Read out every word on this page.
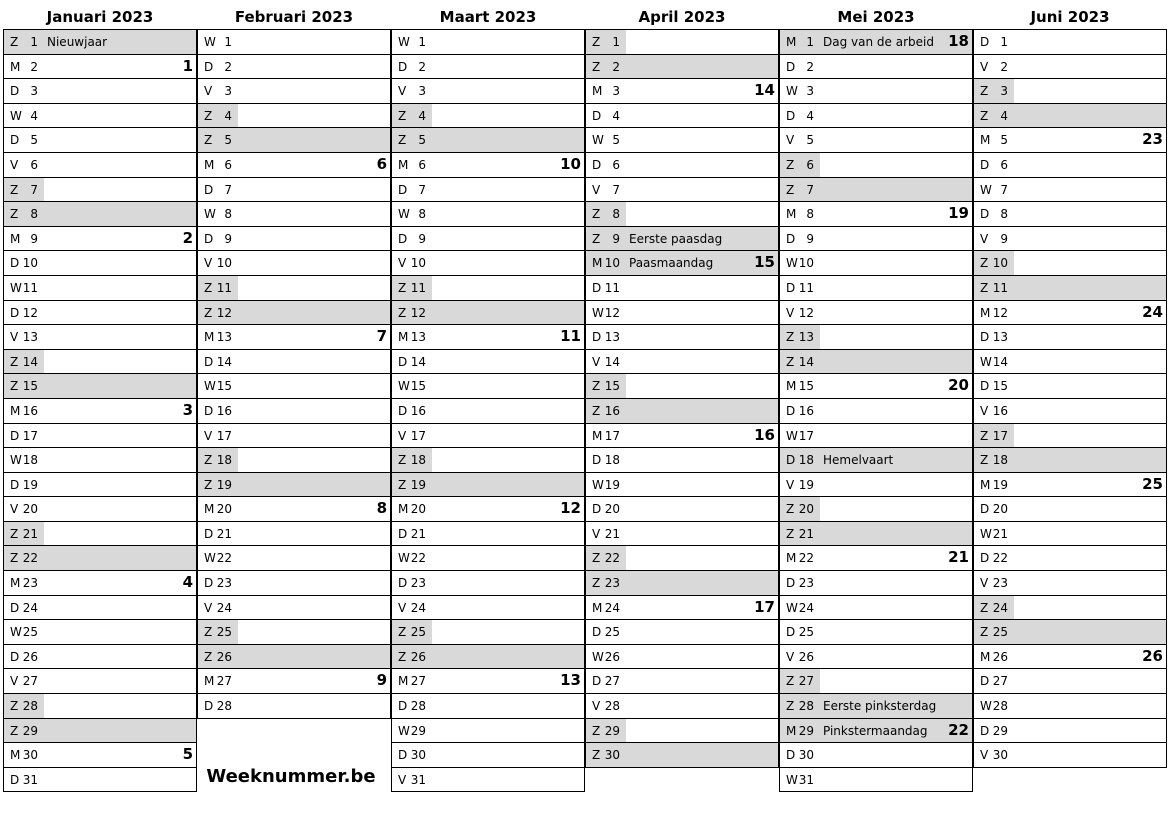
Januari 2023
Z	1 Nieuwjaar
M 2	1
D 3
W 4
D 5
V	6
Z	7
Z	8
M 9	2
D 10
W 11
D 12
V 13
Z 14
Z 15
M 16	3
D 17
W 18
D 19
V 20
Z 21
Z 22
M 23	4
D 24
W 25
D 26
V 27
Z 28
Z 29
M 30	5
D 31
Februari 2023
W 1
D 2
V	3
Z	4
Z	5
M 6	6
D 7
W 8
D 9
V 10
Z 11
Z 12
M 13	7
D 14
W 15
D 16
V 17
Z 18
Z 19
M 20	8
D 21
W 22
D 23
V 24
Z 25
Z 26
M 27	9
D 28
Maart 2023
W 1
D 2
V	3
Z	4
Z	5
M 6	10
D 7
W 8
D 9
V 10
Z 11
Z 12
M 13	11
D 14
W 15
D 16
V 17
Z 18
Z 19
M 20	12
D 21
W 22
D 23
V 24
Z 25
Z 26
M 27	13
D 28
W 29
D 30
V 31
April 2023
Z	1
Z	2
M 3	14
D 4
W 5
D 6
V	7
Z	8
Z	9 Eerste paasdag
M 10 Paasmaandag	15
D 11
W 12
D 13
V 14
Z 15
Z 16
M 17	16
D 18
W 19
D 20
V 21
Z 22
Z 23
M 24	17
D 25
W 26
D 27
V 28
Z 29
Z 30
Mei 2023
M 1 Dag van de arbeid 18
D 2
W 3
D 4
V	5
Z	6
Z	7
M 8	19
D 9
W 10
D 11
V 12
Z 13
Z 14
M 15	20
D 16
W 17
D 18 Hemelvaart
V 19
Z 20
Z 21
M 22	21
D 23
W 24
D 25
V 26
Z 27
Z 28 Eerste pinksterdag
M 29 Pinkstermaandag 22
D 30
W 31
Juni 2023
D 1
V	2
Z	3
Z	4
M 5	23
D 6
W 7
D 8
V	9
Z 10
Z 11
M 12	24
D 13
W 14
D 15
V 16
Z 17
Z 18
M 19	25
D 20
W 21
D 22
V 23
Z 24
Z 25
M 26	26
D 27
W 28
D 29
V 30
Weeknummer.be
